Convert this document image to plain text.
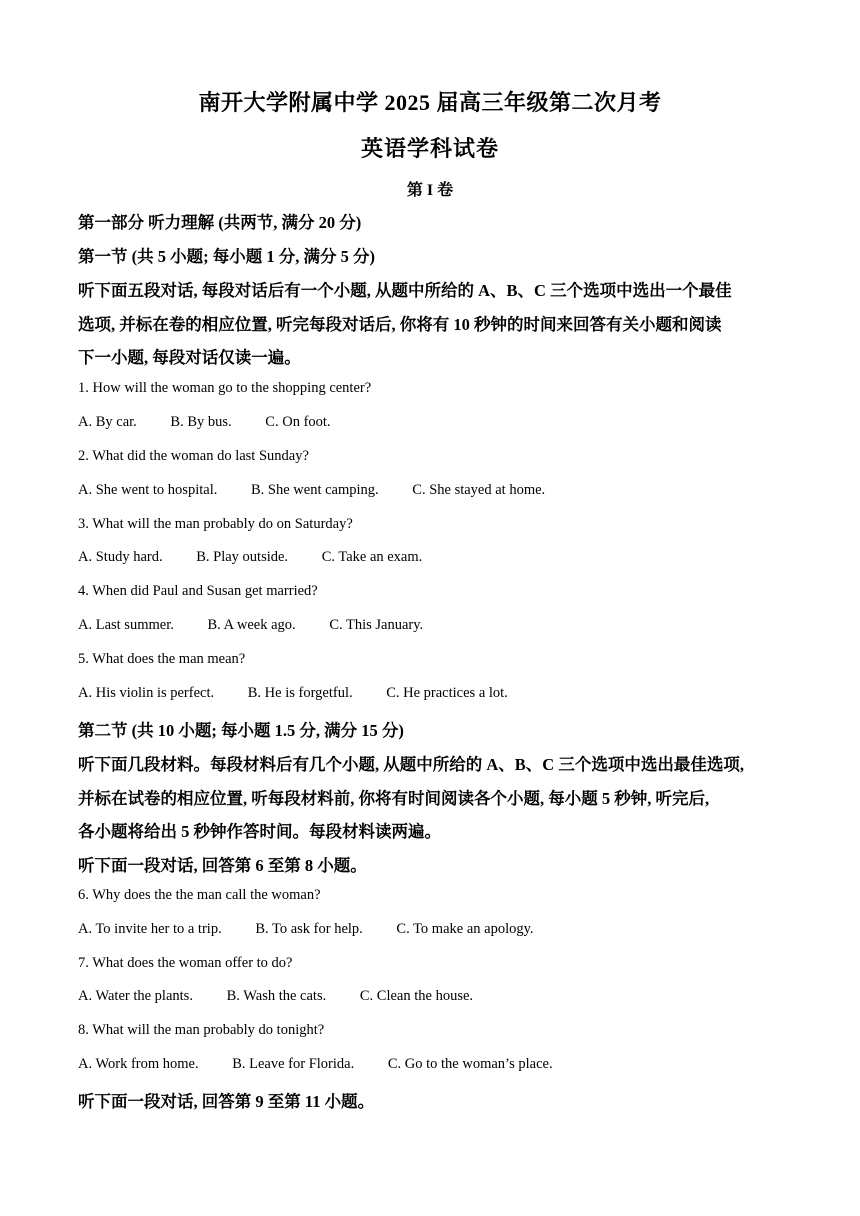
南开大学附属中学 2025 届高三年级第二次月考
英语学科试卷
第 I 卷
第一部分 听力理解 (共两节, 满分 20 分)
第一节 (共 5 小题; 每小题 1 分, 满分 5 分)
听下面五段对话, 每段对话后有一个小题, 从题中所给的 A、B、C 三个选项中选出一个最佳
选项, 并标在卷的相应位置, 听完每段对话后, 你将有 10 秒钟的时间来回答有关小题和阅读
下一小题, 每段对话仅读一遍。
1. How will the woman go to the shopping center?
A. By car. B. By bus. C. On foot.
2. What did the woman do last Sunday?
A. She went to hospital. B. She went camping. C. She stayed at home.
3. What will the man probably do on Saturday?
A. Study hard. B. Play outside. C. Take an exam.
4. When did Paul and Susan get married?
A. Last summer. B. A week ago. C. This January.
5. What does the man mean?
A. His violin is perfect. B. He is forgetful. C. He practices a lot.
第二节 (共 10 小题; 每小题 1.5 分, 满分 15 分)
听下面几段材料。每段材料后有几个小题, 从题中所给的 A、B、C 三个选项中选出最佳选项,
并标在试卷的相应位置, 听每段材料前, 你将有时间阅读各个小题, 每小题 5 秒钟, 听完后,
各小题将给出 5 秒钟作答时间。每段材料读两遍。
听下面一段对话, 回答第 6 至第 8 小题。
6. Why does the the man call the woman?
A. To invite her to a trip. B. To ask for help. C. To make an apology.
7. What does the woman offer to do?
A. Water the plants. B. Wash the cats. C. Clean the house.
8. What will the man probably do tonight?
A. Work from home. B. Leave for Florida. C. Go to the woman’s place.
听下面一段对话, 回答第 9 至第 11 小题。
